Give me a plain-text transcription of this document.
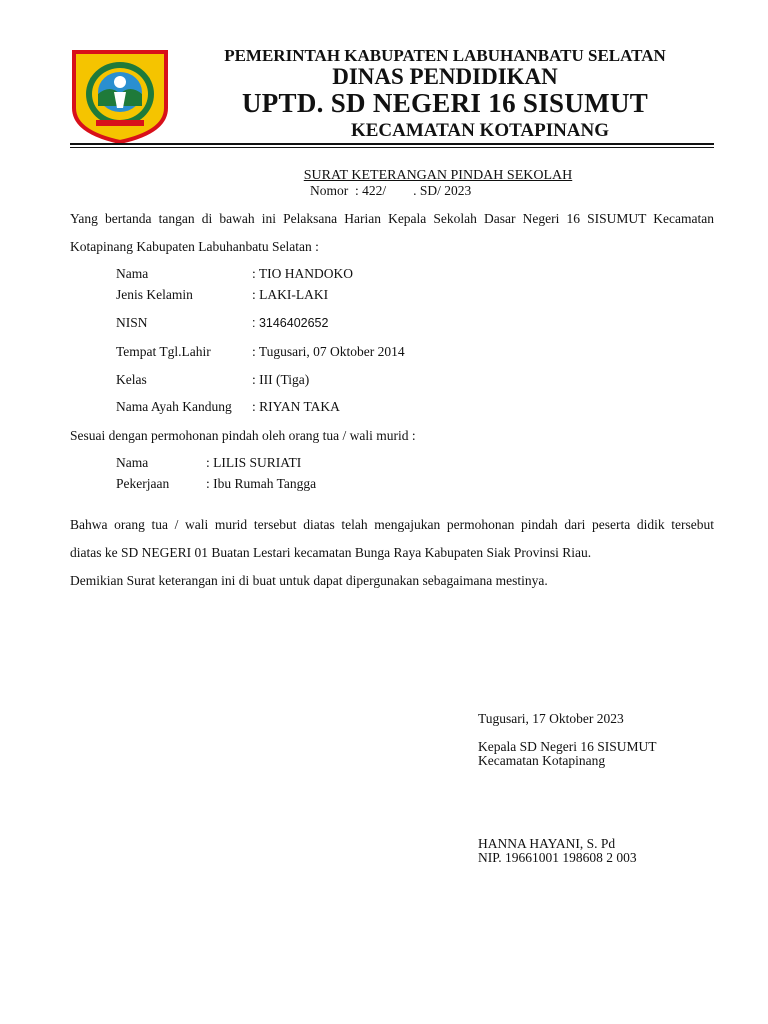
PEMERINTAH KABUPATEN LABUHANBATU SELATAN
DINAS PENDIDIKAN
UPTD. SD NEGERI 16 SISUMUT
KECAMATAN KOTAPINANG
SURAT KETERANGAN PINDAH SEKOLAH
Nomor : 422/        . SD/ 2023
Yang bertanda tangan di bawah ini Pelaksana Harian Kepala Sekolah Dasar Negeri 16 SISUMUT Kecamatan
Kotapinang Kabupaten Labuhanbatu Selatan :
Nama	: TIO HANDOKO
Jenis Kelamin	: LAKI-LAKI
NISN	: 3146402652
Tempat Tgl.Lahir	: Tugusari, 07 Oktober 2014
Kelas	: III (Tiga)
Nama Ayah Kandung : RIYAN TAKA
Sesuai dengan permohonan pindah oleh orang tua / wali murid :
Nama	: LILIS SURIATI
Pekerjaan	: Ibu Rumah Tangga
Bahwa orang tua / wali murid tersebut diatas telah mengajukan permohonan pindah dari peserta didik tersebut
diatas ke SD NEGERI 01 Buatan Lestari kecamatan Bunga Raya Kabupaten Siak Provinsi Riau.
Demikian Surat keterangan ini di buat untuk dapat dipergunakan sebagaimana mestinya.
Tugusari, 17 Oktober 2023
Kepala SD Negeri 16 SISUMUT
Kecamatan Kotapinang
HANNA HAYANI, S. Pd
NIP. 19661001 198608 2 003
